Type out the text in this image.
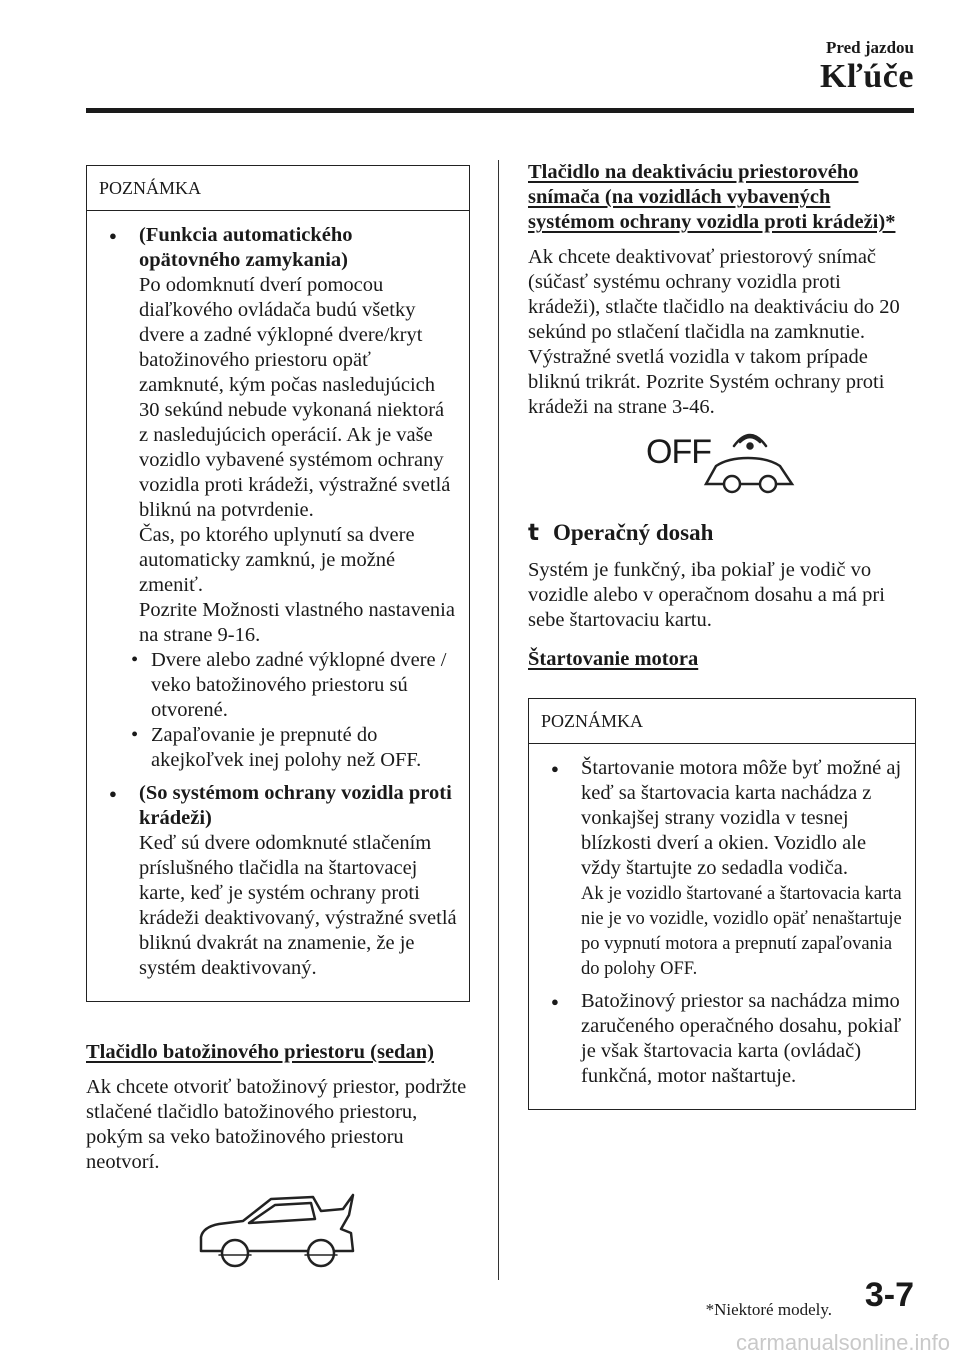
Pred jazdou
Kľúče
POZNÁMKA
● (Funkcia automatického opätovného zamykania)
Po odomknutí dverí pomocou diaľkového ovládača budú všetky dvere a zadné výklopné dvere/kryt batožinového priestoru opäť zamknuté, kým počas nasledujúcich 30 sekúnd nebude vykonaná niektorá z nasledujúcich operácií. Ak je vaše vozidlo vybavené systémom ochrany vozidla proti krádeži, výstražné svetlá bliknú na potvrdenie.
Čas, po ktorého uplynutí sa dvere automaticky zamknú, je možné zmeniť.
Pozrite Možnosti vlastného nastavenia na strane 9-16.
• Dvere alebo zadné výklopné dvere / veko batožinového priestoru sú otvorené.
• Zapaľovanie je prepnuté do akejkoľvek inej polohy než OFF.
● (So systémom ochrany vozidla proti krádeži)
Keď sú dvere odomknuté stlačením príslušného tlačidla na štartovacej karte, keď je systém ochrany proti krádeži deaktivovaný, výstražné svetlá bliknú dvakrát na znamenie, že je systém deaktivovaný.
Tlačidlo batožinového priestoru (sedan)

Ak chcete otvoriť batožinový priestor, podržte stlačené tlačidlo batožinového priestoru, pokým sa veko batožinového priestoru neotvorí.

Tlačidlo na deaktiváciu priestorového snímača (na vozidlách vybavených systémom ochrany vozidla proti krádeži)*

Ak chcete deaktivovať priestorový snímač (súčasť systému ochrany vozidla proti krádeži), stlačte tlačidlo na deaktiváciu do 20 sekúnd po stlačení tlačidla na zamknutie. Výstražné svetlá vozidla v takom prípade bliknú trikrát. Pozrite Systém ochrany proti krádeži na strane 3-46.

OFF
t Operačný dosah

Systém je funkčný, iba pokiaľ je vodič vo vozidle alebo v operačnom dosahu a má pri sebe štartovaciu kartu.

Štartovanie motora
POZNÁMKA
● Štartovanie motora môže byť možné aj keď sa štartovacia karta nachádza z vonkajšej strany vozidla v tesnej blízkosti dverí a okien. Vozidlo ale vždy štartujte zo sedadla vodiča.
Ak je vozidlo štartované a štartovacia karta nie je vo vozidle, vozidlo opäť nenaštartuje po vypnutí motora a prepnutí zapaľovania do polohy OFF.
● Batožinový priestor sa nachádza mimo zaručeného operačného dosahu, pokiaľ je však štartovacia karta (ovládač) funkčná, motor naštartuje.
*Niektoré modely. 3-7
carmanualsonline.info
